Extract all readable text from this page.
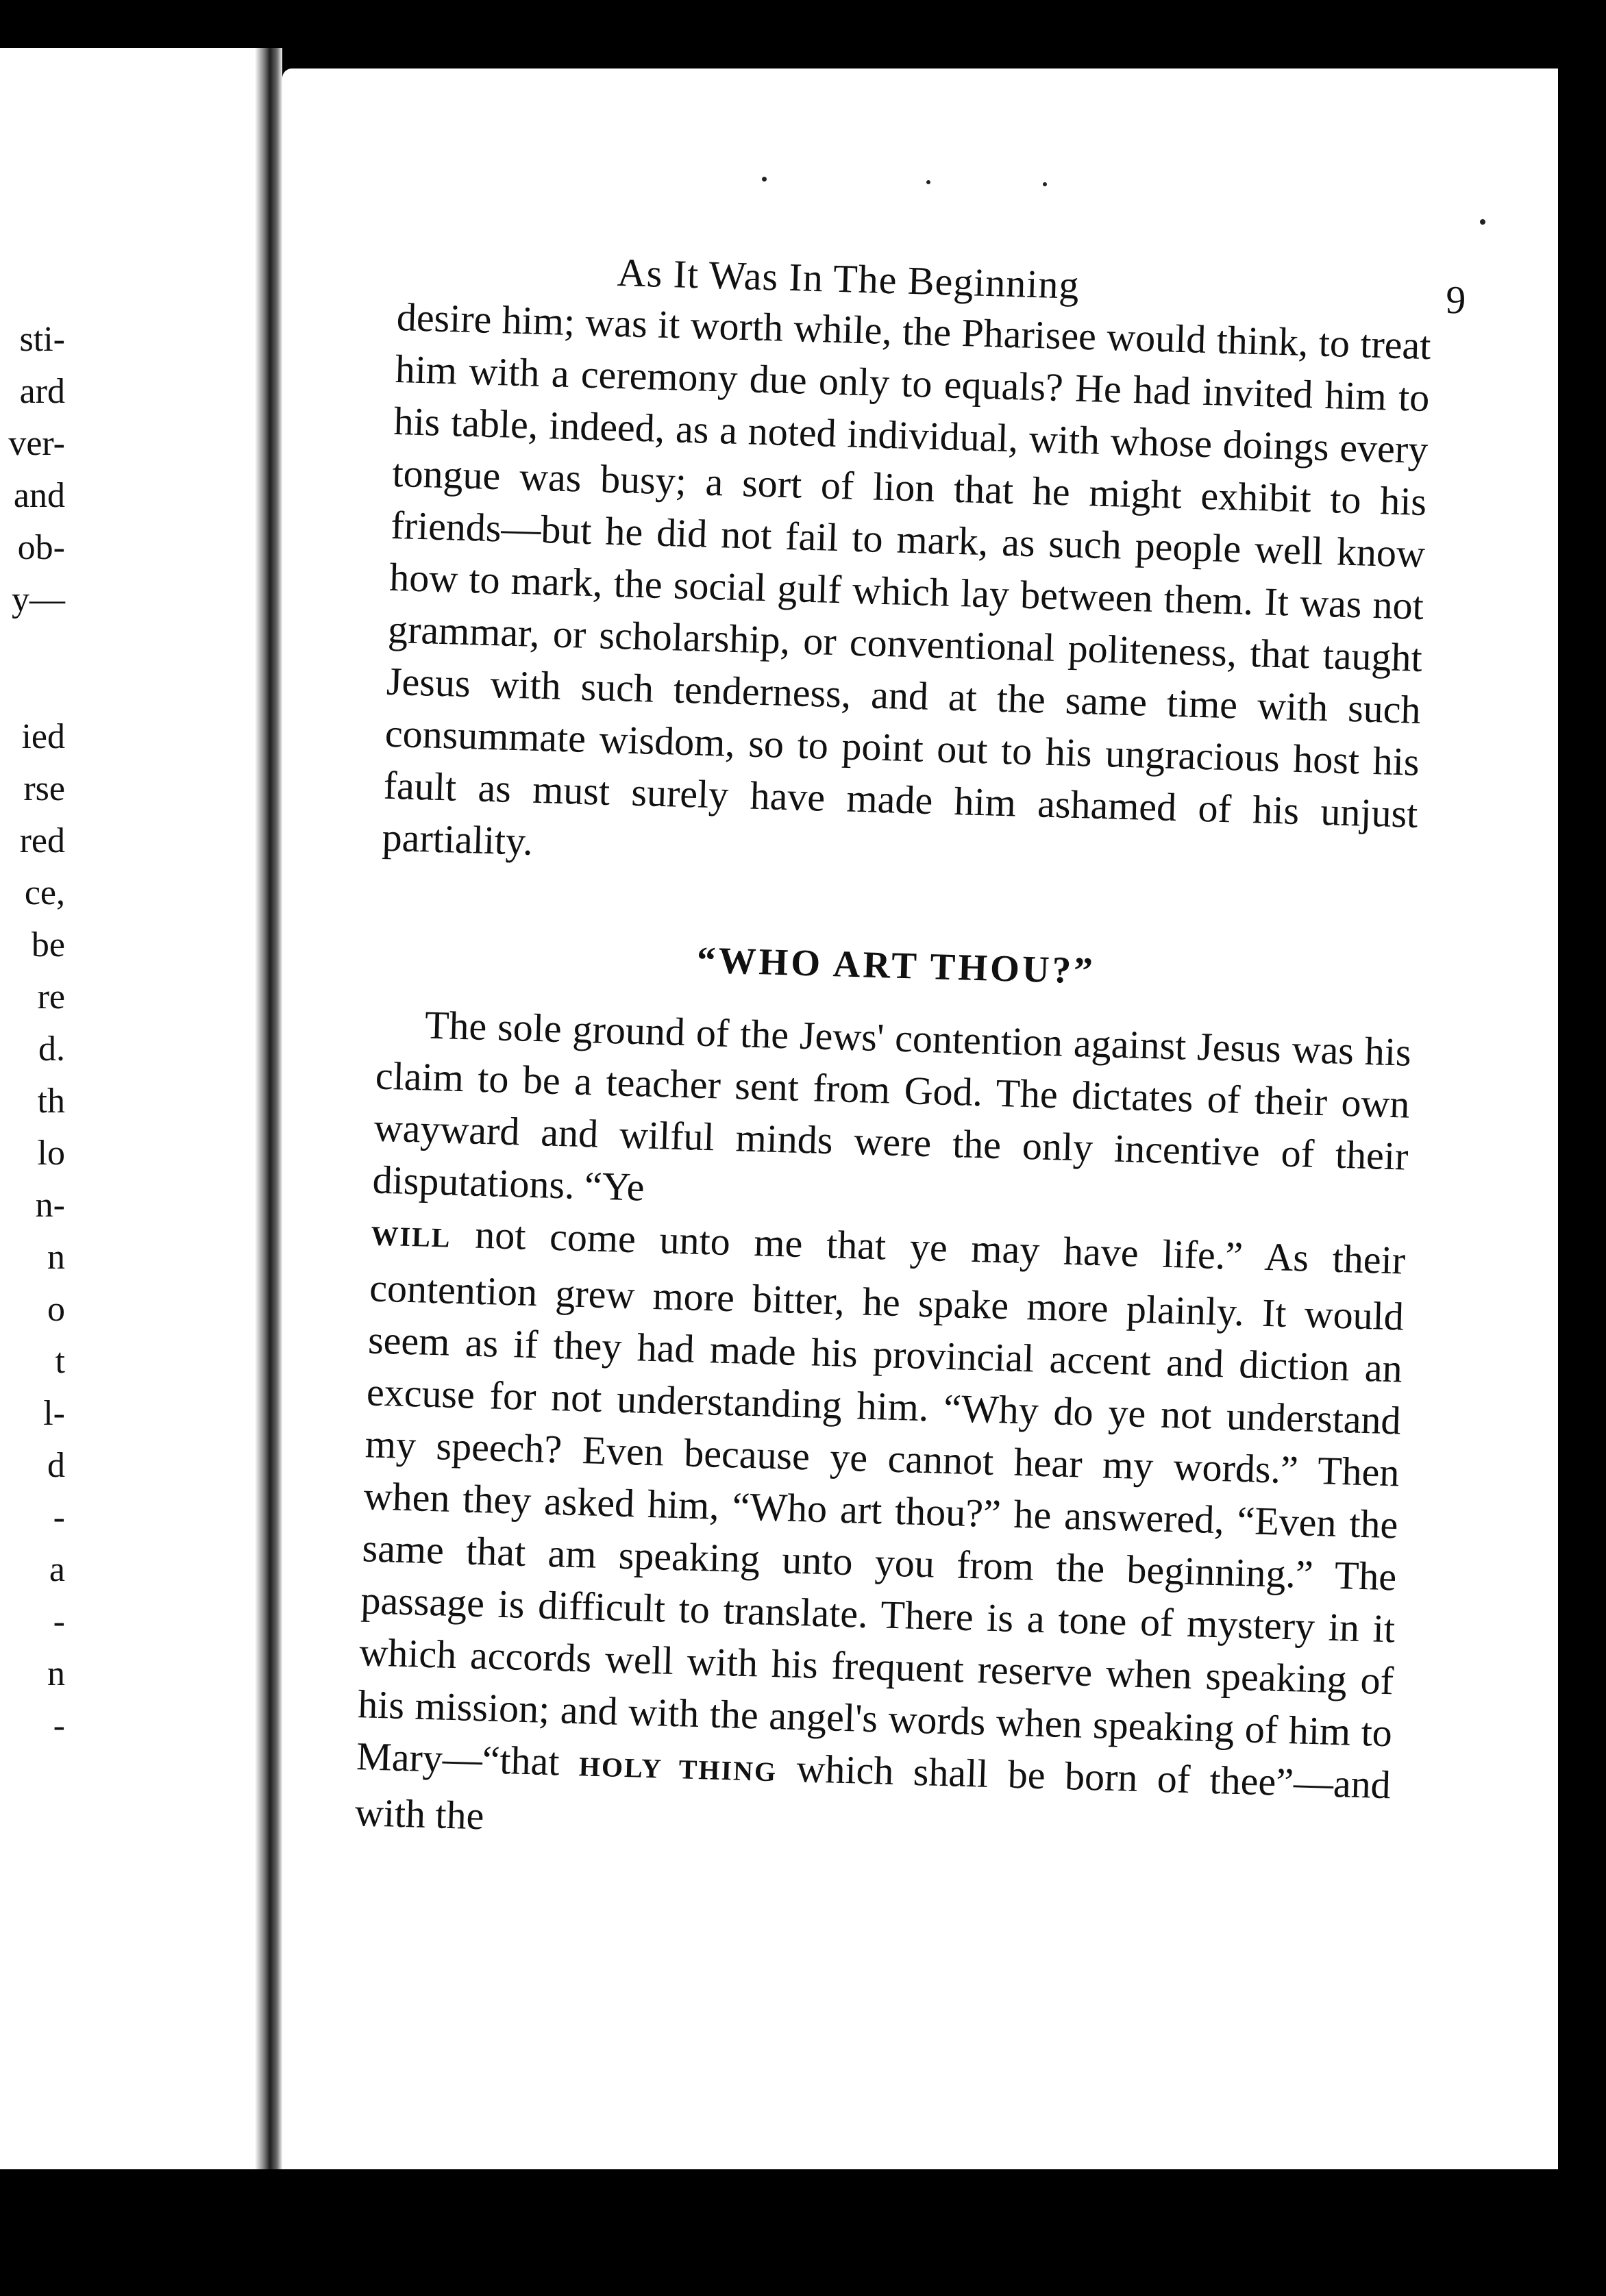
sti-
ard
ver-
and
ob-
y—
ied
rse
red
ce,
be
re
d.
th
lo
n-
n
o
t
l-
d
-
a
-
n
-
As It Was In The Beginning	9

desire him; was it worth while, the Pharisee would think, to treat him with a ceremony due only to equals? He had invited him to his table, indeed, as a noted individual, with whose doings every tongue was busy; a sort of lion that he might exhibit to his friends—but he did not fail to mark, as such people well know how to mark, the social gulf which lay between them. It was not grammar, or scholarship, or conventional politeness, that taught Jesus with such tenderness, and at the same time with such consummate wisdom, so to point out to his ungracious host his fault as must surely have made him ashamed of his unjust partiality.

“WHO ART THOU?”

The sole ground of the Jews' contention against Jesus was his claim to be a teacher sent from God. The dictates of their own wayward and wilful minds were the only incentive of their disputations. “Ye
WILL not come unto me that ye may have life.” As their contention grew more bitter, he spake more plainly. It would seem as if they had made his provincial accent and diction an excuse for not understanding him. “Why do ye not understand my speech? Even because ye cannot hear my words.” Then when they asked him, “Who art thou?” he answered, “Even the same that am speaking unto you from the beginning.” The passage is difficult to translate. There is a tone of mystery in it which accords well with his frequent reserve when speaking of his mission; and with the angel's words when speaking of him to Mary—“that HOLY THING which shall be born of thee”—and with the
